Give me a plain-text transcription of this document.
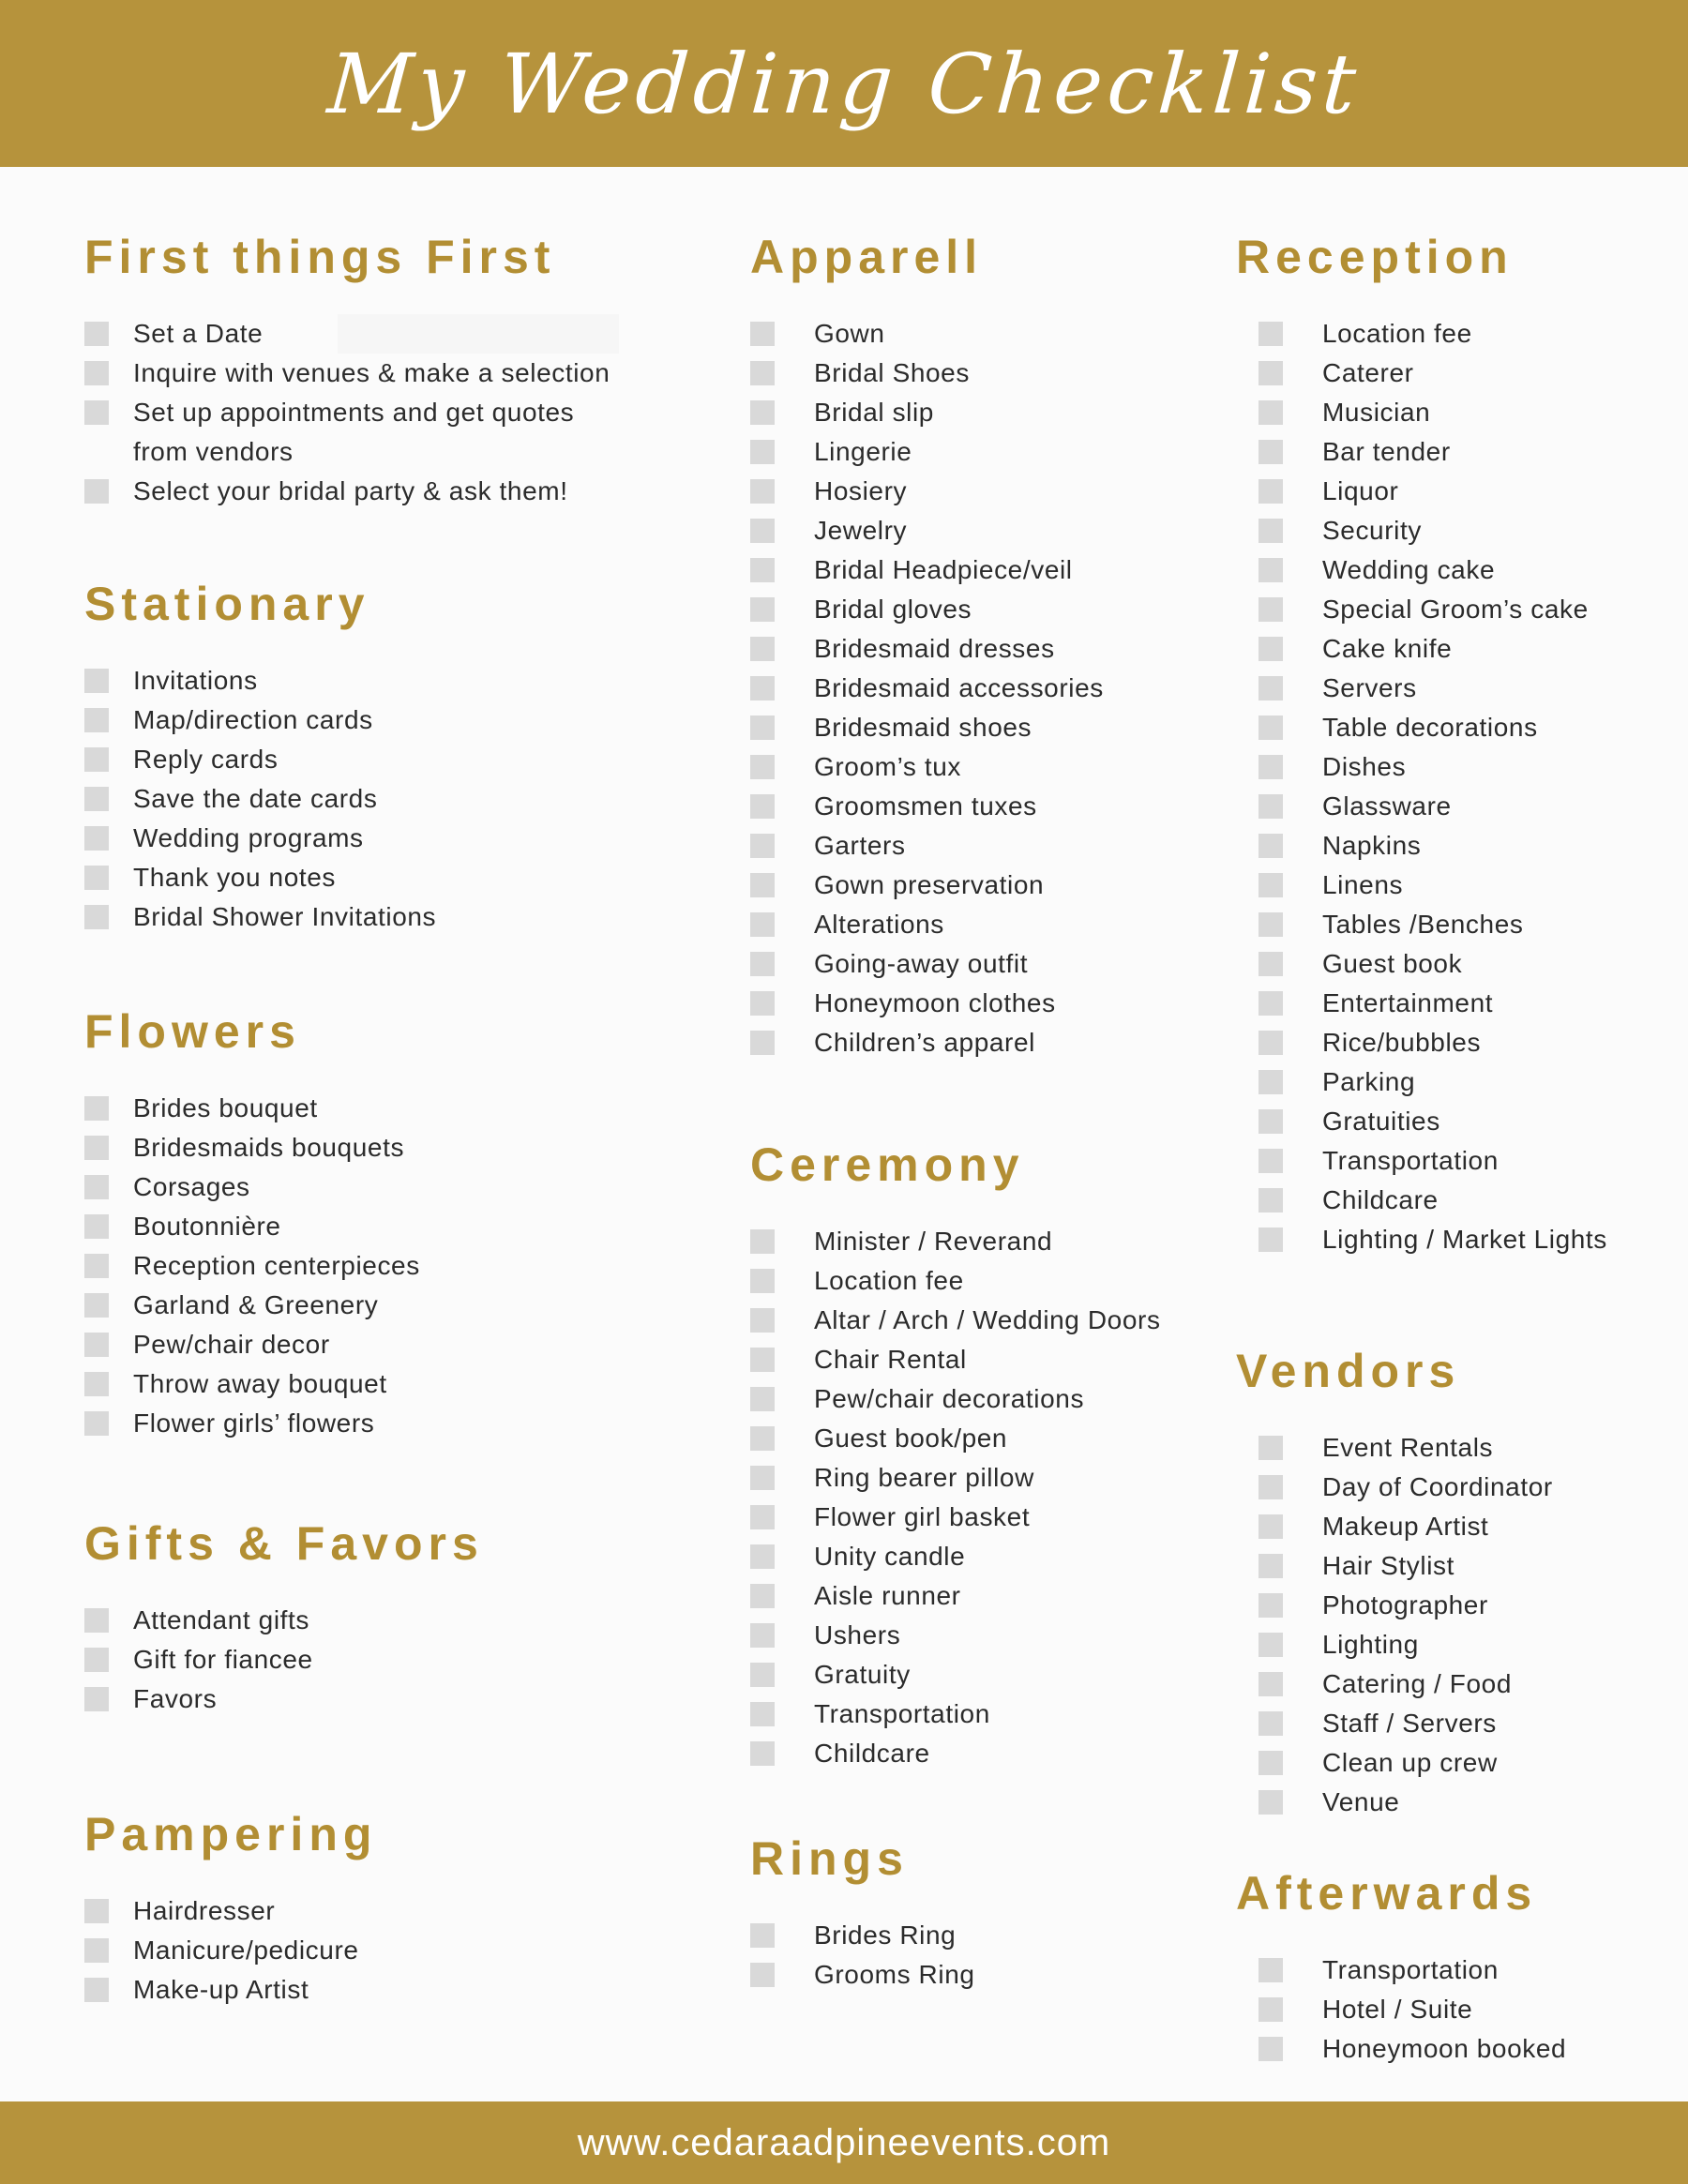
My Wedding Checklist
First things First
Set a Date
Inquire with venues & make a selection
Set up appointments and get quotes
from vendors
Select your bridal party & ask them!
Stationary
Invitations
Map/direction cards
Reply cards
Save the date cards
Wedding programs
Thank you notes
Bridal Shower Invitations
Flowers
Brides bouquet
Bridesmaids bouquets
Corsages
Boutonnière
Reception centerpieces
Garland & Greenery
Pew/chair decor
Throw away bouquet
Flower girls’ flowers
Gifts & Favors
Attendant gifts
Gift for fiancee
Favors
Pampering
Hairdresser
Manicure/pedicure
Make-up Artist
Apparell
Gown
Bridal Shoes
Bridal slip
Lingerie
Hosiery
Jewelry
Bridal Headpiece/veil
Bridal gloves
Bridesmaid dresses
Bridesmaid accessories
Bridesmaid shoes
Groom’s tux
Groomsmen tuxes
Garters
Gown preservation
Alterations
Going-away outfit
Honeymoon clothes
Children’s apparel
Ceremony
Minister / Reverand
Location fee
Altar / Arch / Wedding Doors
Chair Rental
Pew/chair decorations
Guest book/pen
Ring bearer pillow
Flower girl basket
Unity candle
Aisle runner
Ushers
Gratuity
Transportation
Childcare
Rings
Brides Ring
Grooms Ring
Reception
Location fee
Caterer
Musician
Bar tender
Liquor
Security
Wedding cake
Special Groom’s cake
Cake knife
Servers
Table decorations
Dishes
Glassware
Napkins
Linens
Tables /Benches
Guest book
Entertainment
Rice/bubbles
Parking
Gratuities
Transportation
Childcare
Lighting / Market Lights
Vendors
Event Rentals
Day of Coordinator
Makeup Artist
Hair Stylist
Photographer
Lighting
Catering / Food
Staff / Servers
Clean up crew
Venue
Afterwards
Transportation
Hotel / Suite
Honeymoon booked
www.cedaraadpineevents.com
